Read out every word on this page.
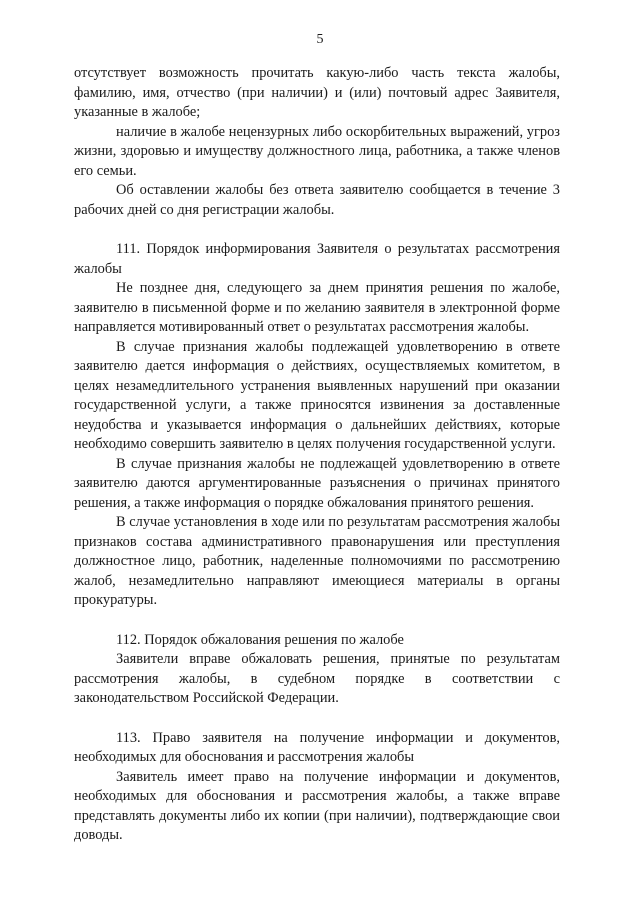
5

отсутствует возможность прочитать какую-либо часть текста жалобы, фамилию, имя, отчество (при наличии) и (или) почтовый адрес Заявителя, указанные в жалобе;

наличие в жалобе нецензурных либо оскорбительных выражений, угроз жизни, здоровью и имуществу должностного лица, работника, а также членов его семьи.

Об оставлении жалобы без ответа заявителю сообщается в течение 3 рабочих дней со дня регистрации жалобы.

111. Порядок информирования Заявителя о результатах рассмотрения жалобы

Не позднее дня, следующего за днем принятия решения по жалобе, заявителю в письменной форме и по желанию заявителя в электронной форме направляется мотивированный ответ о результатах рассмотрения жалобы.

В случае признания жалобы подлежащей удовлетворению в ответе заявителю дается информация о действиях, осуществляемых комитетом, в целях незамедлительного устранения выявленных нарушений при оказании государственной услуги, а также приносятся извинения за доставленные неудобства и указывается информация о дальнейших действиях, которые необходимо совершить заявителю в целях получения государственной услуги.

В случае признания жалобы не подлежащей удовлетворению в ответе заявителю даются аргументированные разъяснения о причинах принятого решения, а также информация о порядке обжалования принятого решения.

В случае установления в ходе или по результатам рассмотрения жалобы признаков состава административного правонарушения или преступления должностное лицо, работник, наделенные полномочиями по рассмотрению жалоб, незамедлительно направляют имеющиеся материалы в органы прокуратуры.

112. Порядок обжалования решения по жалобе

Заявители вправе обжаловать решения, принятые по результатам рассмотрения жалобы, в судебном порядке в соответствии с законодательством Российской Федерации.

113. Право заявителя на получение информации и документов, необходимых для обоснования и рассмотрения жалобы

Заявитель имеет право на получение информации и документов, необходимых для обоснования и рассмотрения жалобы, а также вправе представлять документы либо их копии (при наличии), подтверждающие свои доводы.
